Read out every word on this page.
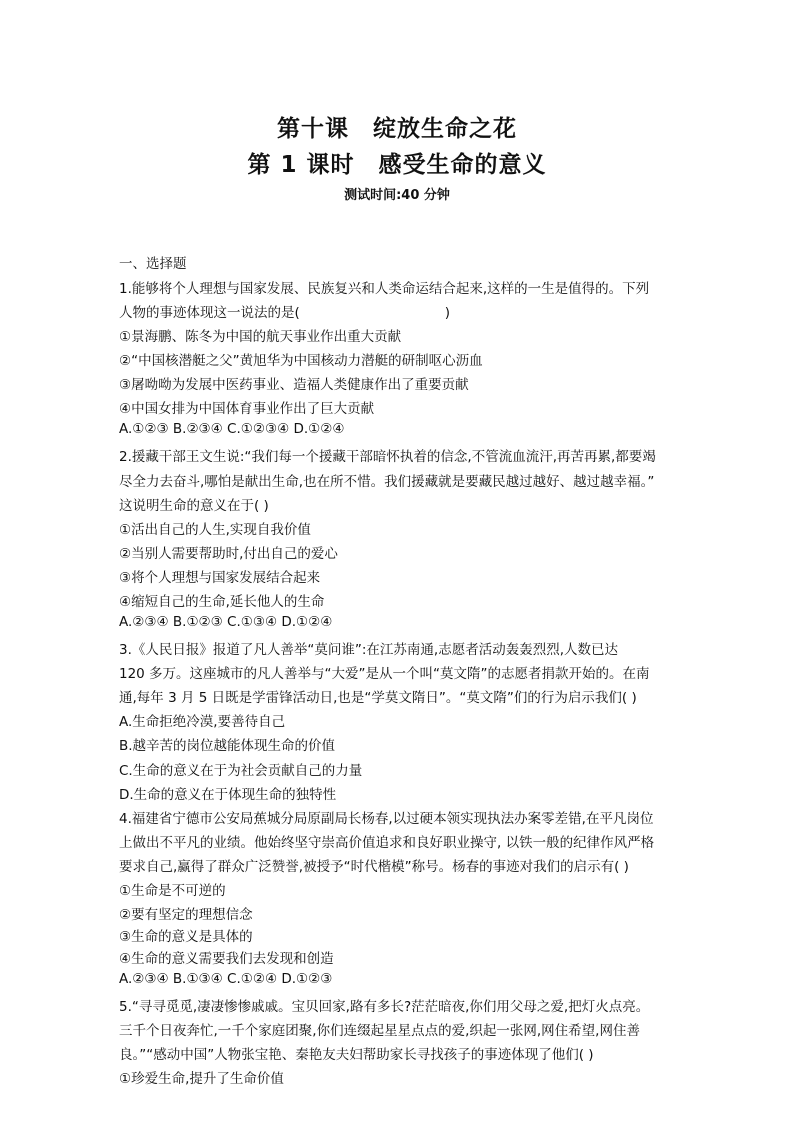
第十课　绽放生命之花
第 1 课时　感受生命的意义
测试时间:40 分钟
一、选择题
1.能够将个人理想与国家发展、民族复兴和人类命运结合起来,这样的一生是值得的。下列
人物的事迹体现这一说法的是(	)
①景海鹏、陈冬为中国的航天事业作出重大贡献
②“中国核潜艇之父”黄旭华为中国核动力潜艇的研制呕心沥血
③屠呦呦为发展中医药事业、造福人类健康作出了重要贡献
④中国女排为中国体育事业作出了巨大贡献
A.①②③ B.②③④ C.①②③④ D.①②④
2.援藏干部王文生说:“我们每一个援藏干部暗怀执着的信念,不管流血流汗,再苦再累,都要竭
尽全力去奋斗,哪怕是献出生命,也在所不惜。我们援藏就是要藏民越过越好、越过越幸福。”
这说明生命的意义在于( )
①活出自己的人生,实现自我价值
②当别人需要帮助时,付出自己的爱心
③将个人理想与国家发展结合起来
④缩短自己的生命,延长他人的生命
A.②③④ B.①②③ C.①③④ D.①②④
3.《人民日报》报道了凡人善举“莫问谁”:在江苏南通,志愿者活动轰轰烈烈,人数已达
120 多万。这座城市的凡人善举与“大爱”是从一个叫“莫文隋”的志愿者捐款开始的。在南
通,每年 3 月 5 日既是学雷锋活动日,也是“学莫文隋日”。“莫文隋”们的行为启示我们( )
A.生命拒绝冷漠,要善待自己
B.越辛苦的岗位越能体现生命的价值
C.生命的意义在于为社会贡献自己的力量
D.生命的意义在于体现生命的独特性
4.福建省宁德市公安局蕉城分局原副局长杨春,以过硬本领实现执法办案零差错,在平凡岗位
上做出不平凡的业绩。他始终坚守崇高价值追求和良好职业操守, 以铁一般的纪律作风严格
要求自己,赢得了群众广泛赞誉,被授予“时代楷模”称号。杨春的事迹对我们的启示有( )
①生命是不可逆的
②要有坚定的理想信念
③生命的意义是具体的
④生命的意义需要我们去发现和创造
A.②③④ B.①③④ C.①②④ D.①②③
5.“寻寻觅觅,凄凄惨惨戚戚。宝贝回家,路有多长?茫茫暗夜,你们用父母之爱,把灯火点亮。
三千个日夜奔忙,一千个家庭团聚,你们连缀起星星点点的爱,织起一张网,网住希望,网住善
良。”“感动中国”人物张宝艳、秦艳友夫妇帮助家长寻找孩子的事迹体现了他们( )
①珍爱生命,提升了生命价值
